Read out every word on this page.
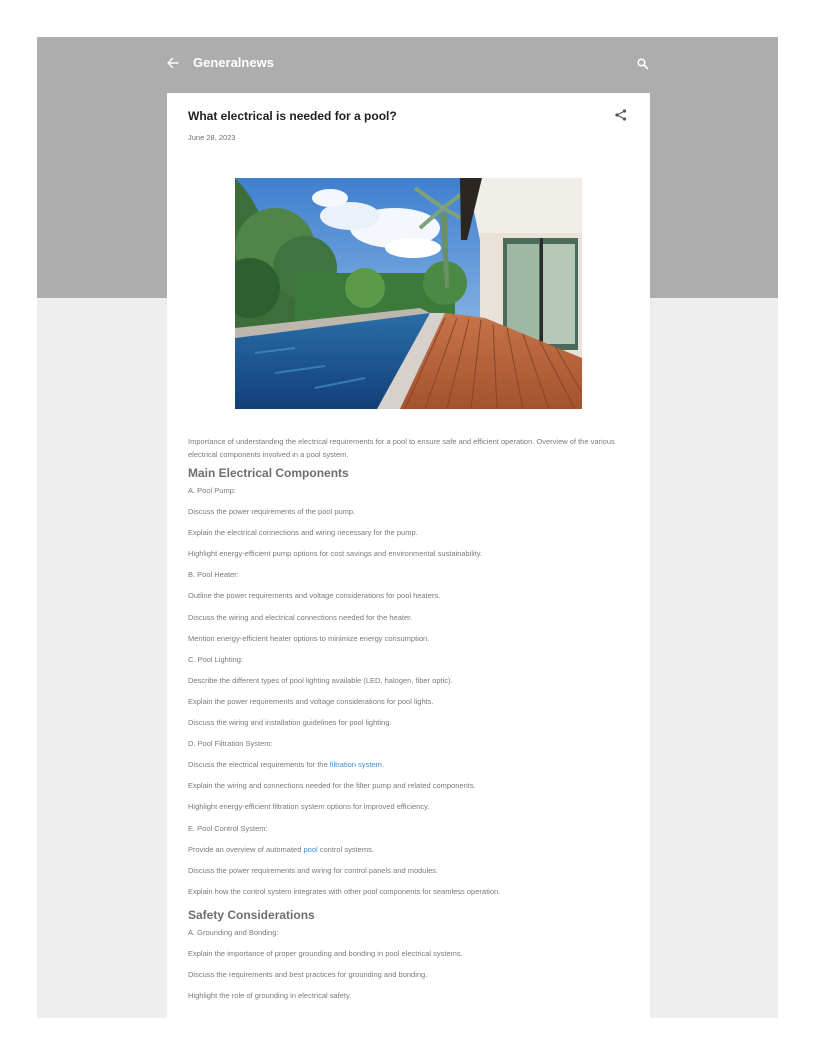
Generalnews
What electrical is needed for a pool?
June 28, 2023

Importance of understanding the electrical requirements for a pool to ensure safe and efficient operation. Overview of the various electrical components involved in a pool system.

Main Electrical Components

A. Pool Pump:

Discuss the power requirements of the pool pump.

Explain the electrical connections and wiring necessary for the pump.

Highlight energy-efficient pump options for cost savings and environmental sustainability.

B. Pool Heater:

Outline the power requirements and voltage considerations for pool heaters.

Discuss the wiring and electrical connections needed for the heater.

Mention energy-efficient heater options to minimize energy consumption.

C. Pool Lighting:

Describe the different types of pool lighting available (LED, halogen, fiber optic).

Explain the power requirements and voltage considerations for pool lights.

Discuss the wiring and installation guidelines for pool lighting.

D. Pool Filtration System:

Discuss the electrical requirements for the filtration system.

Explain the wiring and connections needed for the filter pump and related components.

Highlight energy-efficient filtration system options for improved efficiency.

E. Pool Control System:

Provide an overview of automated pool control systems.

Discuss the power requirements and wiring for control panels and modules.

Explain how the control system integrates with other pool components for seamless operation.

Safety Considerations

A. Grounding and Bonding:

Explain the importance of proper grounding and bonding in pool electrical systems.

Discuss the requirements and best practices for grounding and bonding.

Highlight the role of grounding in electrical safety.
